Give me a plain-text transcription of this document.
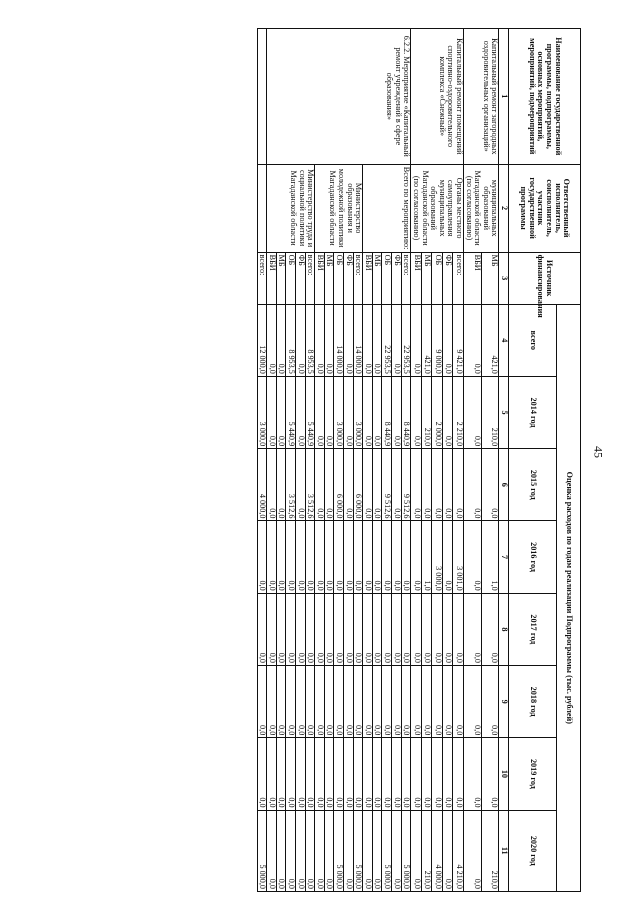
45
Наименование государственной программы, подпрограммы, основных мероприятий, мероприятий, подмероприятий	Ответственный исполнитель, соисполнитель, участник государственной программы	Источник финансирования	Оценка расходов по годам реализации Подпрограммы (тыс. рублей)							
			всего	2014 год	2015 год	2016 год	2017 год	2018 год	2019 год	2020 год
1	2	3	4	5	6	7	8	9	10	11
Капитальный ремонт загородных оздоровительных организаций»	муниципальных образований Магаданской области (по согласованию)	МБ	421,0	210,0	0,0	1,0	0,0	0,0	0,0	210,0
		ВБИ	0,0	0,0	0,0	0,0	0,0	0,0	0,0	0,0
Капитальный ремонт помещений спортивно-оздоровительного комплекса «Снежный»	Органы местного самоуправления муниципальных образований Магаданской области (по согласованию)	всего:	9 421,0	2 210,0	0,0	3 001,0	0,0	0,0	0,0	4 210,0
		ФБ	0,0	0,0	0,0	0,0	0,0	0,0	0,0	0,0
		ОБ	9 000,0	2 000,0	0,0	3 000,0	0,0	0,0	0,0	4 000,0
		МБ	421,0	210,0	0,0	1,0	0,0	0,0	0,0	210,0
		ВБИ	0,0	0,0	0,0	0,0	0,0	0,0	0,0	0,0
6.2.2. Мероприятие «Капитальный ремонт учреждений в сфере образования»	Всего по мероприятию:	всего:	22 953,5	8 440,9	9 512,6	0,0	0,0	0,0	0,0	5 000,0
		ФБ	0,0	0,0	0,0	0,0	0,0	0,0	0,0	0,0
		ОБ	22 953,5	8 440,9	9 512,6	0,0	0,0	0,0	0,0	5 000,0
		МБ	0,0	0,0	0,0	0,0	0,0	0,0	0,0	0,0
		ВБИ	0,0	0,0	0,0	0,0	0,0	0,0	0,0	0,0
	Министерство образования и молодежной политики Магаданской области	всего:	14 000,0	3 000,0	6 000,0	0,0	0,0	0,0	0,0	5 000,0
		ФБ	0,0	0,0	0,0	0,0	0,0	0,0	0,0	0,0
		ОБ	14 000,0	3 000,0	6 000,0	0,0	0,0	0,0	0,0	5 000,0
		МБ	0,0	0,0	0,0	0,0	0,0	0,0	0,0	0,0
		ВБИ	0,0	0,0	0,0	0,0	0,0	0,0	0,0	0,0
	Министерство труда и социальной политики Магаданской области	всего:	8 953,5	5 440,9	3 512,6	0,0	0,0	0,0	0,0	0,0
		ФБ	0,0	0,0	0,0	0,0	0,0	0,0	0,0	0,0
		ОБ	8 953,5	5 440,9	3 512,6	0,0	0,0	0,0	0,0	0,0
		МБ	0,0	0,0	0,0	0,0	0,0	0,0	0,0	0,0
		ВБИ	0,0	0,0	0,0	0,0	0,0	0,0	0,0	0,0
		всего:	12 000,0	3 000,0	4 000,0	0,0	0,0	0,0	0,0	5 000,0
